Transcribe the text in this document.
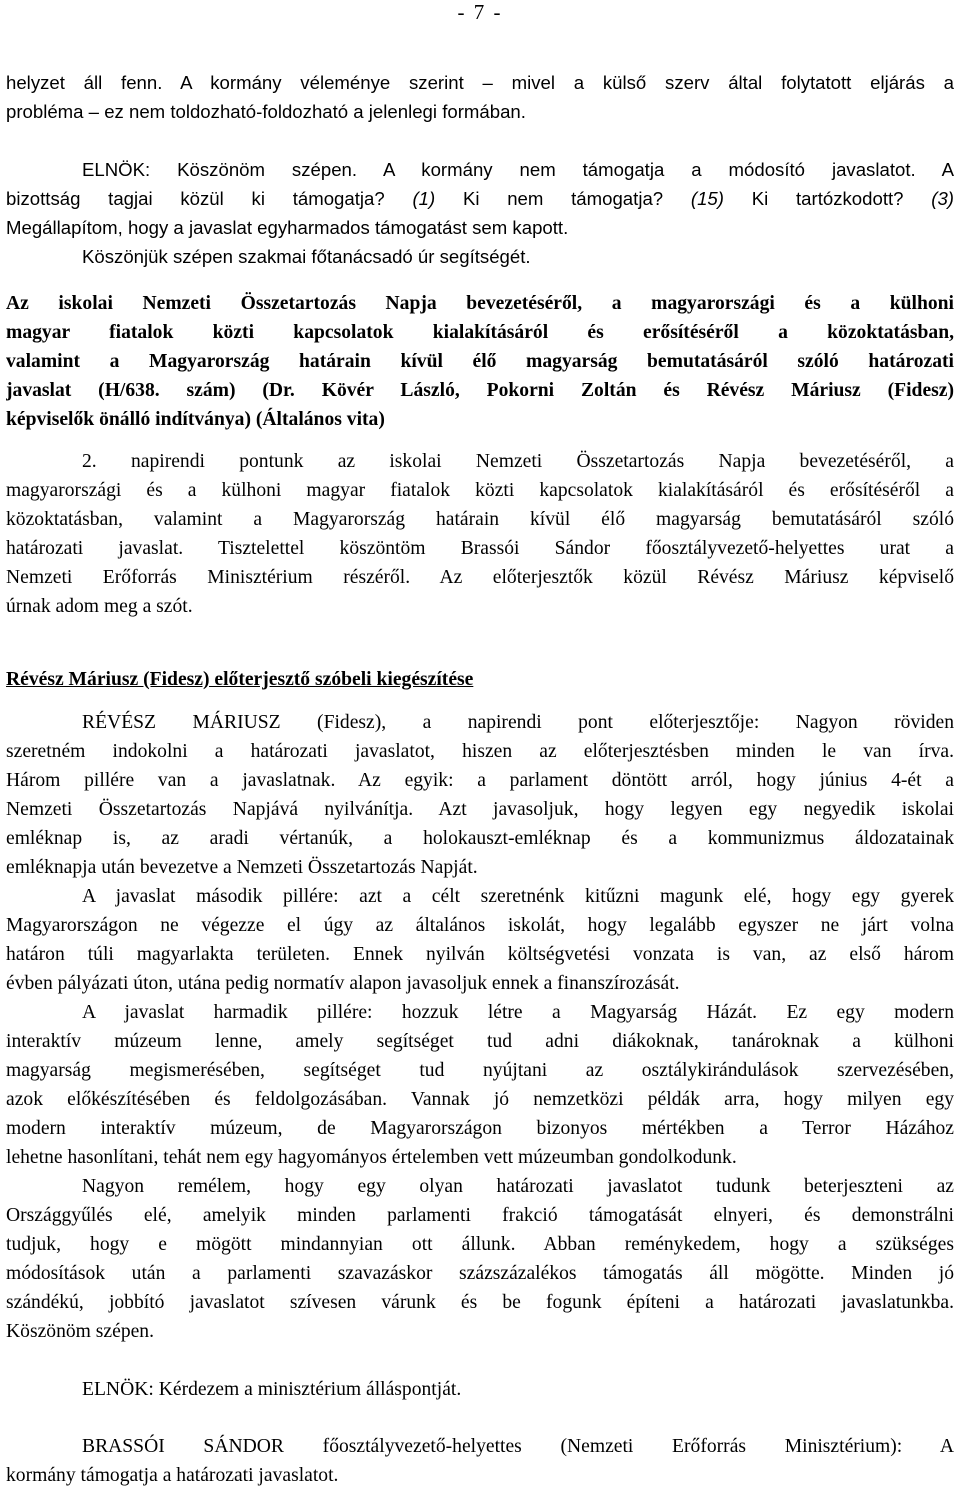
- 7 -
helyzet áll fenn. A kormány véleménye szerint – mivel a külső szerv által folytatott eljárás a
probléma – ez nem toldozható-foldozható a jelenlegi formában.
ELNÖK: Köszönöm szépen. A kormány nem támogatja a módosító javaslatot. A
bizottság tagjai közül ki támogatja? (1) Ki nem támogatja? (15) Ki tartózkodott? (3)
Megállapítom, hogy a javaslat egyharmados támogatást sem kapott.
Köszönjük szépen szakmai főtanácsadó úr segítségét.
Az iskolai Nemzeti Összetartozás Napja bevezetéséről, a magyarországi és a külhoni
magyar fiatalok közti kapcsolatok kialakításáról és erősítéséről a közoktatásban,
valamint a Magyarország határain kívül élő magyarság bemutatásáról szóló határozati
javaslat (H/638. szám) (Dr. Kövér László, Pokorni Zoltán és Révész Máriusz (Fidesz)
képviselők önálló indítványa) (Általános vita)
2. napirendi pontunk az iskolai Nemzeti Összetartozás Napja bevezetéséről, a
magyarországi és a külhoni magyar fiatalok közti kapcsolatok kialakításáról és erősítéséről a
közoktatásban, valamint a Magyarország határain kívül élő magyarság bemutatásáról szóló
határozati javaslat. Tisztelettel köszöntöm Brassói Sándor főosztályvezető-helyettes urat a
Nemzeti Erőforrás Minisztérium részéről. Az előterjesztők közül Révész Máriusz képviselő
úrnak adom meg a szót.
Révész Máriusz (Fidesz) előterjesztő szóbeli kiegészítése
RÉVÉSZ MÁRIUSZ (Fidesz), a napirendi pont előterjesztője: Nagyon röviden
szeretném indokolni a határozati javaslatot, hiszen az előterjesztésben minden le van írva.
Három pillére van a javaslatnak. Az egyik: a parlament döntött arról, hogy június 4-ét a
Nemzeti Összetartozás Napjává nyilvánítja. Azt javasoljuk, hogy legyen egy negyedik iskolai
emléknap is, az aradi vértanúk, a holokauszt-emléknap és a kommunizmus áldozatainak
emléknapja után bevezetve a Nemzeti Összetartozás Napját.
A javaslat második pillére: azt a célt szeretnénk kitűzni magunk elé, hogy egy gyerek
Magyarországon ne végezze el úgy az általános iskolát, hogy legalább egyszer ne járt volna
határon túli magyarlakta területen. Ennek nyilván költségvetési vonzata is van, az első három
évben pályázati úton, utána pedig normatív alapon javasoljuk ennek a finanszírozását.
A javaslat harmadik pillére: hozzuk létre a Magyarság Házát. Ez egy modern
interaktív múzeum lenne, amely segítséget tud adni diákoknak, tanároknak a külhoni
magyarság megismerésében, segítséget tud nyújtani az osztálykirándulások szervezésében,
azok előkészítésében és feldolgozásában. Vannak jó nemzetközi példák arra, hogy milyen egy
modern interaktív múzeum, de Magyarországon bizonyos mértékben a Terror Házához
lehetne hasonlítani, tehát nem egy hagyományos értelemben vett múzeumban gondolkodunk.
Nagyon remélem, hogy egy olyan határozati javaslatot tudunk beterjeszteni az
Országgyűlés elé, amelyik minden parlamenti frakció támogatását elnyeri, és demonstrálni
tudjuk, hogy e mögött mindannyian ott állunk. Abban reménykedem, hogy a szükséges
módosítások után a parlamenti szavazáskor százszázalékos támogatás áll mögötte. Minden jó
szándékú, jobbító javaslatot szívesen várunk és be fogunk építeni a határozati javaslatunkba.
Köszönöm szépen.
ELNÖK: Kérdezem a minisztérium álláspontját.
BRASSÓI SÁNDOR főosztályvezető-helyettes (Nemzeti Erőforrás Minisztérium): A
kormány támogatja a határozati javaslatot.
